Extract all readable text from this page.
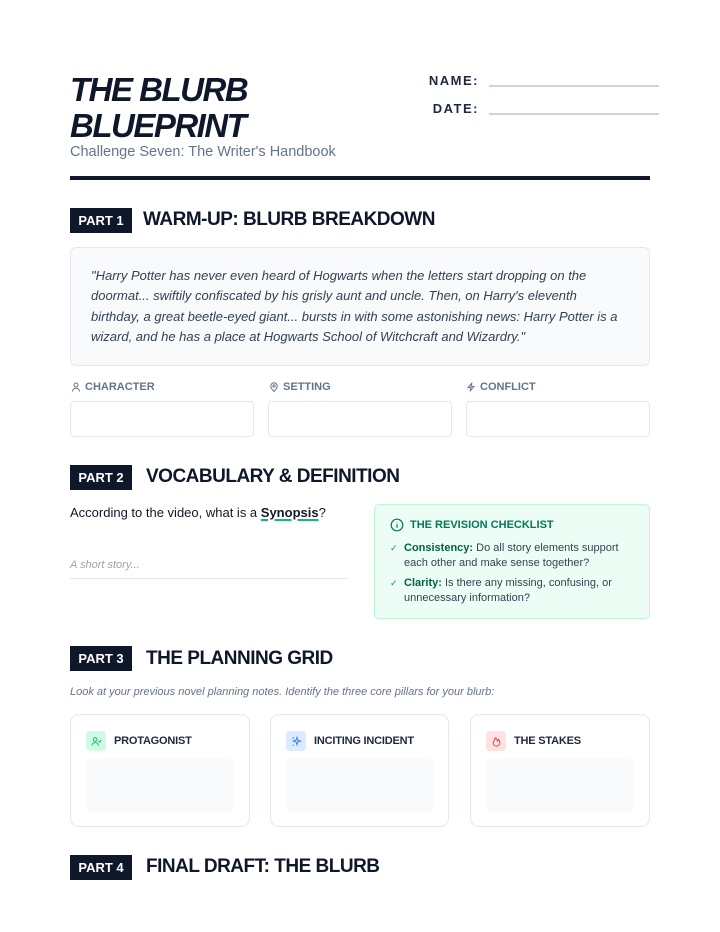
THE BLURB
BLUEPRINT
Challenge Seven: The Writer's Handbook
NAME:
DATE:
PART 1	WARM-UP: BLURB BREAKDOWN
"Harry Potter has never even heard of Hogwarts when the letters start dropping on the doormat... swiftily confiscated by his grisly aunt and uncle. Then, on Harry's eleventh birthday, a great beetle-eyed giant... bursts in with some astonishing news: Harry Potter is a wizard, and he has a place at Hogwarts School of Witchcraft and Wizardry."
CHARACTER	SETTING	CONFLICT
PART 2	VOCABULARY & DEFINITION
According to the video, what is a Synopsis?
A short story...
THE REVISION CHECKLIST
✓ Consistency: Do all story elements support each other and make sense together?
✓ Clarity: Is there any missing, confusing, or unnecessary information?
PART 3	THE PLANNING GRID
Look at your previous novel planning notes. Identify the three core pillars for your blurb:
PROTAGONIST	INCITING INCIDENT	THE STAKES
PART 4	FINAL DRAFT: THE BLURB
